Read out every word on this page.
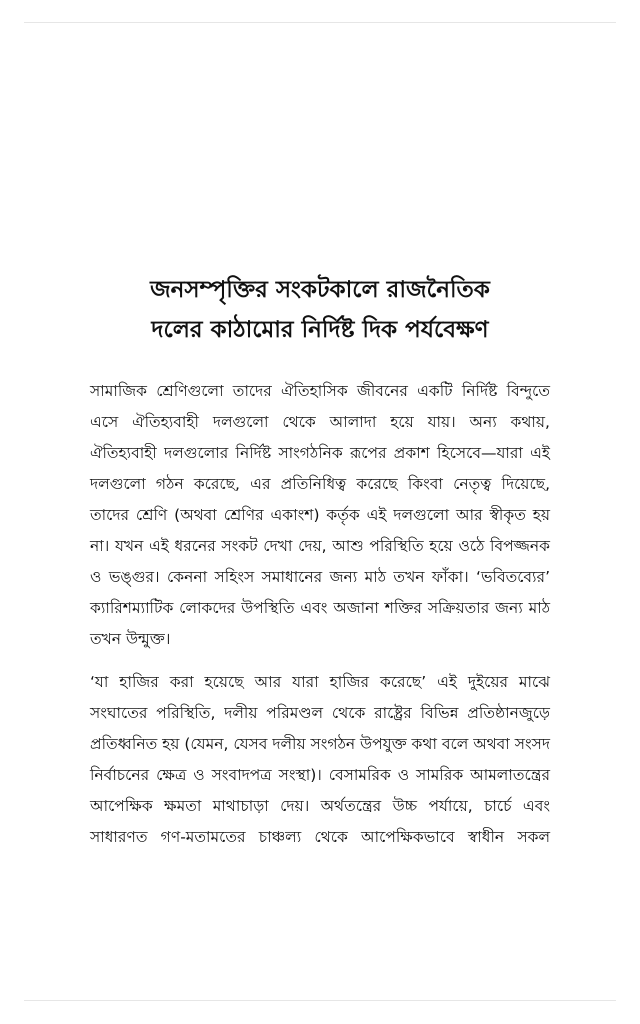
জনসম্পৃক্তির সংকটকালে রাজনৈতিক
দলের কাঠামোর নির্দিষ্ট দিক পর্যবেক্ষণ

সামাজিক শ্রেণিগুলো তাদের ঐতিহাসিক জীবনের একটি নির্দিষ্ট বিন্দুতে এসে ঐতিহ্যবাহী দলগুলো থেকে আলাদা হয়ে যায়। অন্য কথায়, ঐতিহ্যবাহী দলগুলোর নির্দিষ্ট সাংগঠনিক রূপের প্রকাশ হিসেবে—যারা এই দলগুলো গঠন করেছে, এর প্রতিনিধিত্ব করেছে কিংবা নেতৃত্ব দিয়েছে, তাদের শ্রেণি (অথবা শ্রেণির একাংশ) কর্তৃক এই দলগুলো আর স্বীকৃত হয় না। যখন এই ধরনের সংকট দেখা দেয়, আশু পরিস্থিতি হয়ে ওঠে বিপজ্জনক ও ভঙ্গুর। কেননা সহিংস সমাধানের জন্য মাঠ তখন ফাঁকা। ‘ভবিতব্যের’ ক্যারিশম্যাটিক লোকদের উপস্থিতি এবং অজানা শক্তির সক্রিয়তার জন্য মাঠ তখন উন্মুক্ত।

‘যা হাজির করা হয়েছে আর যারা হাজির করেছে’ এই দুইয়ের মাঝে সংঘাতের পরিস্থিতি, দলীয় পরিমণ্ডল থেকে রাষ্ট্রের বিভিন্ন প্রতিষ্ঠানজুড়ে প্রতিধ্বনিত হয় (যেমন, যেসব দলীয় সংগঠন উপযুক্ত কথা বলে অথবা সংসদ নির্বাচনের ক্ষেত্র ও সংবাদপত্র সংস্থা)। বেসামরিক ও সামরিক আমলাতন্ত্রের আপেক্ষিক ক্ষমতা মাথাচাড়া দেয়। অর্থতন্ত্রের উচ্চ পর্যায়ে, চার্চে এবং সাধারণত গণ-মতামতের চাঞ্চল্য থেকে আপেক্ষিকভাবে স্বাধীন সকল
